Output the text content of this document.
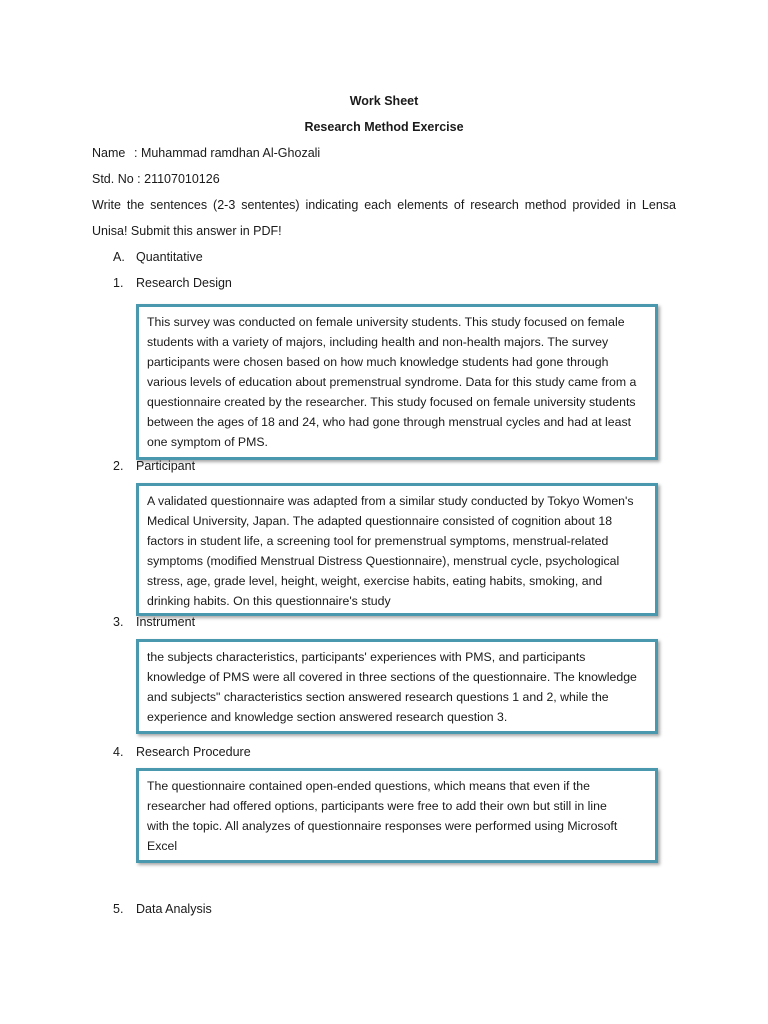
Work Sheet
Research Method Exercise
Name : Muhammad ramdhan Al-Ghozali
Std. No : 21107010126
Write the sentences (2-3 sententes) indicating each elements of research method provided in Lensa
Unisa! Submit this answer in PDF!
A. Quantitative
1. Research Design
This survey was conducted on female university students. This study focused on female
students with a variety of majors, including health and non-health majors. The survey
participants were chosen based on how much knowledge students had gone through
various levels of education about premenstrual syndrome. Data for this study came from a
questionnaire created by the researcher. This study focused on female university students
between the ages of 18 and 24, who had gone through menstrual cycles and had at least
one symptom of PMS.
2. Participant
A validated questionnaire was adapted from a similar study conducted by Tokyo Women's
Medical University, Japan. The adapted questionnaire consisted of cognition about 18
factors in student life, a screening tool for premenstrual symptoms, menstrual-related
symptoms (modified Menstrual Distress Questionnaire), menstrual cycle, psychological
stress, age, grade level, height, weight, exercise habits, eating habits, smoking, and
drinking habits. On this questionnaire's study
3. Instrument
the subjects characteristics, participants' experiences with PMS, and participants
knowledge of PMS were all covered in three sections of the questionnaire. The knowledge
and subjects" characteristics section answered research questions 1 and 2, while the
experience and knowledge section answered research question 3.
4. Research Procedure
The questionnaire contained open-ended questions, which means that even if the
researcher had offered options, participants were free to add their own but still in line
with the topic. All analyzes of questionnaire responses were performed using Microsoft
Excel
5. Data Analysis
